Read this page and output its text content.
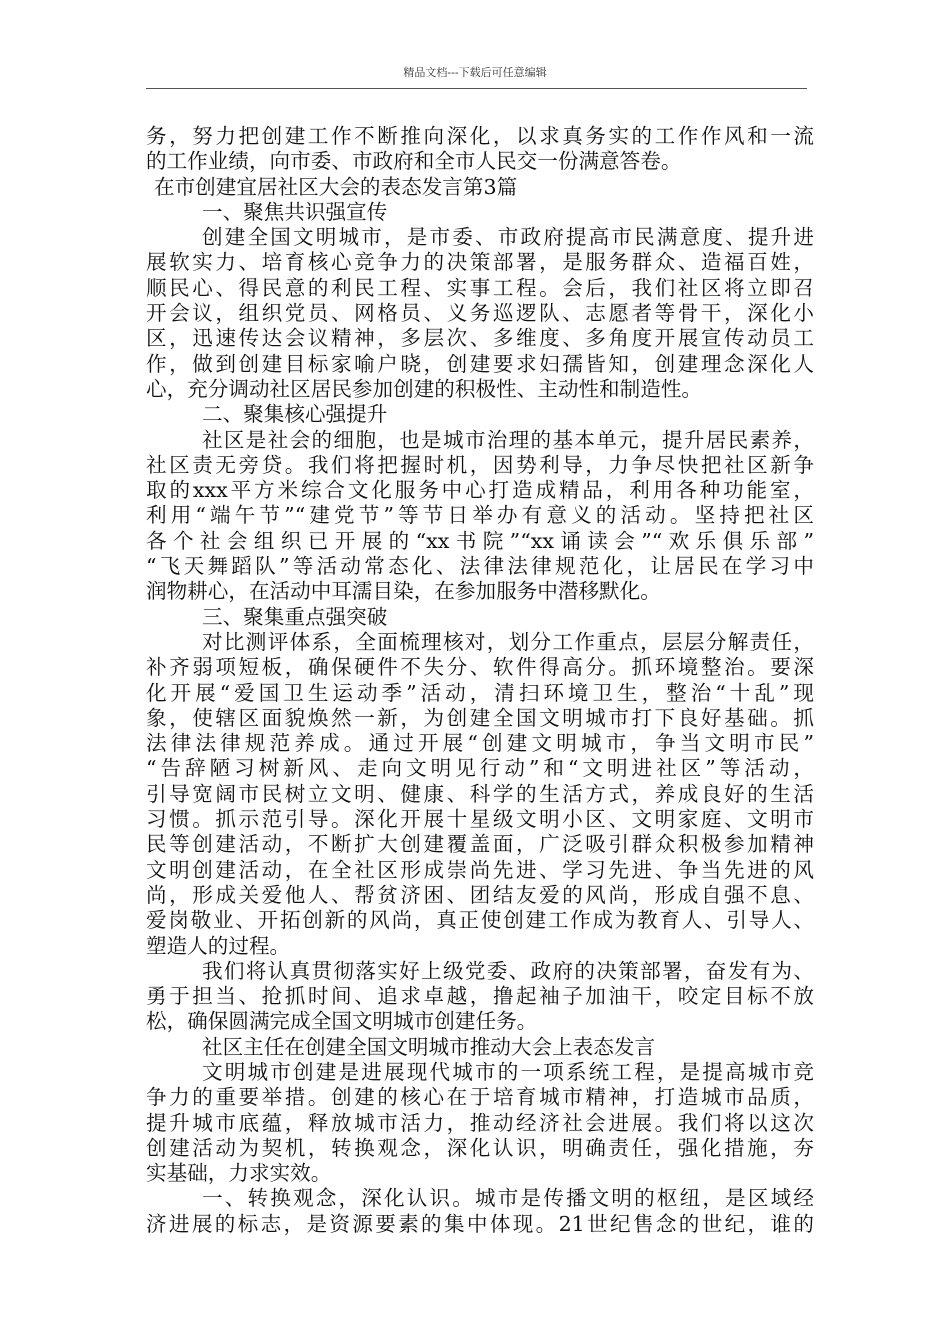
精品文档---下载后可任意编辑
务，努力把创建工作不断推向深化，以求真务实的工作作风和一流
的工作业绩，向市委、市政府和全市人民交一份满意答卷。
在市创建宜居社区大会的表态发言第3篇
一、聚焦共识强宣传
创建全国文明城市，是市委、市政府提高市民满意度、提升进
展软实力、培育核心竞争力的决策部署，是服务群众、造福百姓，
顺民心、得民意的利民工程、实事工程。会后，我们社区将立即召
开会议，组织党员、网格员、义务巡逻队、志愿者等骨干，深化小
区，迅速传达会议精神，多层次、多维度、多角度开展宣传动员工
作，做到创建目标家喻户晓，创建要求妇孺皆知，创建理念深化人
心，充分调动社区居民参加创建的积极性、主动性和制造性。
二、聚集核心强提升
社区是社会的细胞，也是城市治理的基本单元，提升居民素养，
社区责无旁贷。我们将把握时机，因势利导，力争尽快把社区新争
取的xxx平方米综合文化服务中心打造成精品，利用各种功能室，
利用“端午节”“建党节”等节日举办有意义的活动。坚持把社区
各个社会组织已开展的“xx书院”“xx诵读会”“欢乐俱乐部”
“飞天舞蹈队”等活动常态化、法律法律规范化，让居民在学习中
润物耕心，在活动中耳濡目染，在参加服务中潜移默化。
三、聚集重点强突破
对比测评体系，全面梳理核对，划分工作重点，层层分解责任，
补齐弱项短板，确保硬件不失分、软件得高分。抓环境整治。要深
化开展“爱国卫生运动季”活动，清扫环境卫生，整治“十乱”现
象，使辖区面貌焕然一新，为创建全国文明城市打下良好基础。抓
法律法律规范养成。通过开展“创建文明城市，争当文明市民”
“告辞陋习树新风、走向文明见行动”和“文明进社区”等活动，
引导宽阔市民树立文明、健康、科学的生活方式，养成良好的生活
习惯。抓示范引导。深化开展十星级文明小区、文明家庭、文明市
民等创建活动，不断扩大创建覆盖面，广泛吸引群众积极参加精神
文明创建活动，在全社区形成崇尚先进、学习先进、争当先进的风
尚，形成关爱他人、帮贫济困、团结友爱的风尚，形成自强不息、
爱岗敬业、开拓创新的风尚，真正使创建工作成为教育人、引导人、
塑造人的过程。
我们将认真贯彻落实好上级党委、政府的决策部署，奋发有为、
勇于担当、抢抓时间、追求卓越，撸起袖子加油干，咬定目标不放
松，确保圆满完成全国文明城市创建任务。
社区主任在创建全国文明城市推动大会上表态发言
文明城市创建是进展现代城市的一项系统工程，是提高城市竞
争力的重要举措。创建的核心在于培育城市精神，打造城市品质，
提升城市底蕴，释放城市活力，推动经济社会进展。我们将以这次
创建活动为契机，转换观念，深化认识，明确责任，强化措施，夯
实基础，力求实效。
一、转换观念，深化认识。城市是传播文明的枢纽，是区域经
济进展的标志，是资源要素的集中体现。21世纪售念的世纪，谁的
